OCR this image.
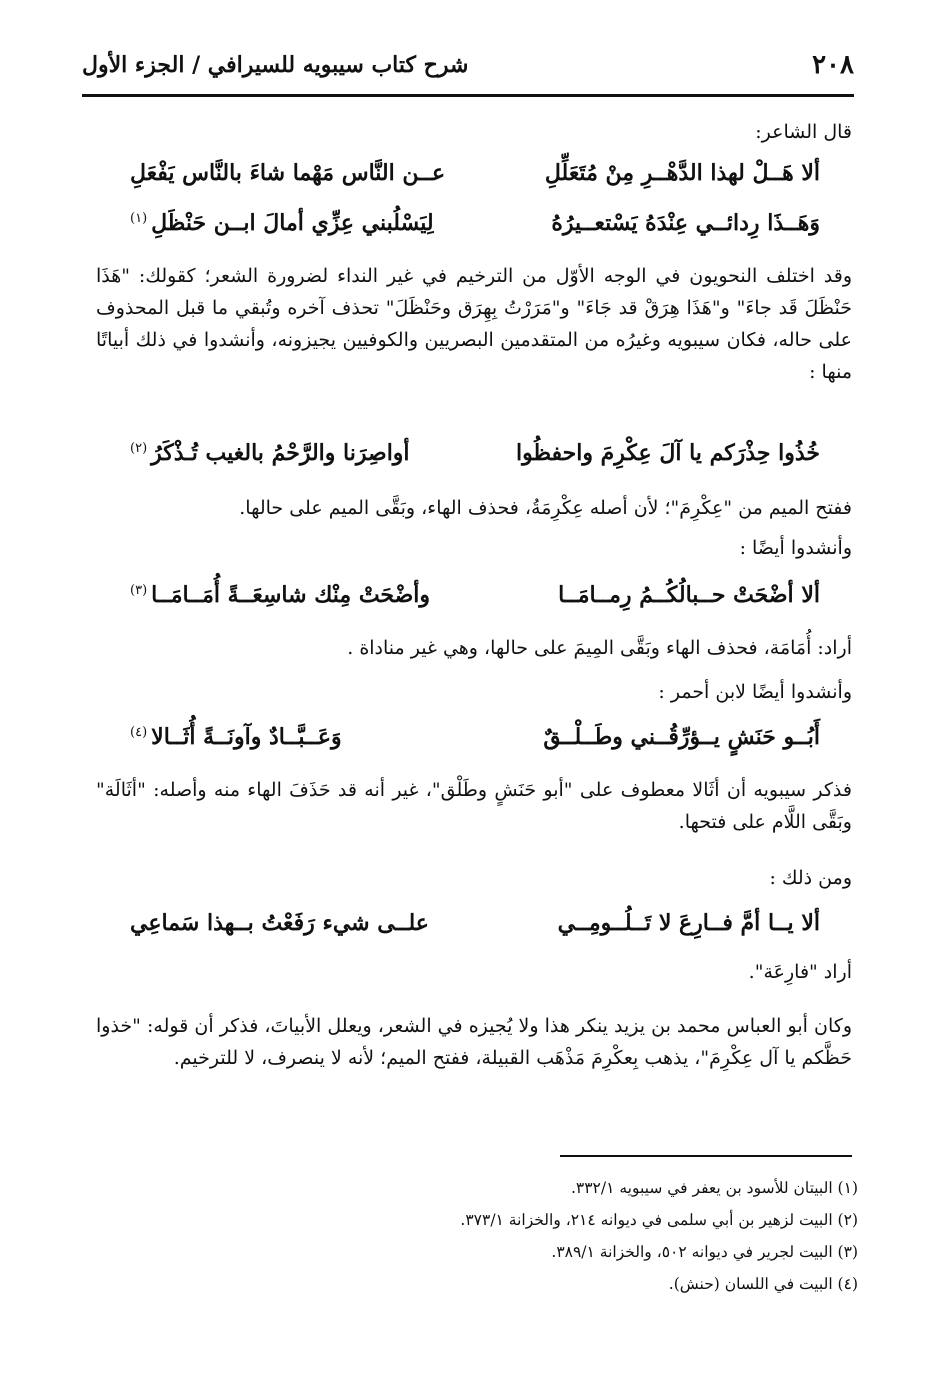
٢٠٨
شرح كتاب سيبويه للسيرافي / الجزء الأول
قال الشاعر:
ألا هَــلْ لهذا الدَّهْــرِ مِنْ مُتَعَلِّلِ
عــن النَّاس مَهْما شاءَ بالنَّاس يَفْعَلِ
وَهَــذَا رِدائــي عِنْدَهُ يَسْتعــيرُهُ
لِيَسْلُبني عِزِّي أمالَ ابــن حَنْظَلِ$^{(١)}$
وقد اختلف النحويون في الوجه الأوّل من الترخيم في غير النداء لضرورة الشعر؛ كقولك: "هَذَا حَنْظَلَ قَد جاءَ" و"هَذَا هِرَقْ قد جَاءَ" و"مَرَرْتُ بِهِرَق وحَنْظَلَ" تحذف آخره وتُبقي ما قبل المحذوف على حاله، فكان سيبويه وغيرُه من المتقدمين البصريين والكوفيين يجيزونه، وأنشدوا في ذلك أبياتًا منها :
خُذُوا حِذْرَكم يا آلَ عِكْرِمَ واحفظُوا
أواصِرَنا والرَّحْمُ بالغيب تُـذْكَرُ$^{(٢)}$
ففتح الميم من "عِكْرِمَ"؛ لأن أصله عِكْرِمَةُ، فحذف الهاء، وبَقَّى الميم على حالها.
وأنشدوا أيضًا :
ألا أضْحَتْ حــبالُكُــمُ رِمــامَــا
وأضْحَتْ مِنْك شاسِعَــةً أُمَــامَــا$^{(٣)}$
أراد: أُمَامَة، فحذف الهاء وبَقَّى المِيمَ على حالها، وهي غير مناداة .
وأنشدوا أيضًا لابن أحمر :
أَبُــو حَنَشٍ يــؤرِّقُــني وطَــلْــقٌ
وَعَــبَّــادٌ وآونَــةً أُثَــالا$^{(٤)}$
فذكر سيبويه أن أثَالا معطوف على "أبو حَنَشٍ وطَلْق"، غير أنه قد حَذَفَ الهاء منه وأصله: "أثَالَة" وبَقَّى اللَّام على فتحها.
ومن ذلك :
ألا يــا أمَّ فــارِعَ لا تَــلُــومِــي
علــى شيء رَفَعْتُ بــهذا سَماعِي
أراد "فارِعَة".
وكان أبو العباس محمد بن يزيد ينكر هذا ولا يُجيزه في الشعر، ويعلل الأبياتَ، فذكر أن قوله: "خذوا حَظَّكم يا آل عِكْرِمَ"، يذهب بِعكْرِمَ مَذْهَب القبيلة، ففتح الميم؛ لأنه لا ينصرف، لا للترخيم.
(١) البيتان للأسود بن يعفر في سيبويه ٣٣٢/١.
(٢) البيت لزهير بن أبي سلمى في ديوانه ٢١٤، والخزانة ٣٧٣/١.
(٣) البيت لجرير في ديوانه ٥٠٢، والخزانة ٣٨٩/١.
(٤) البيت في اللسان (حنش).
